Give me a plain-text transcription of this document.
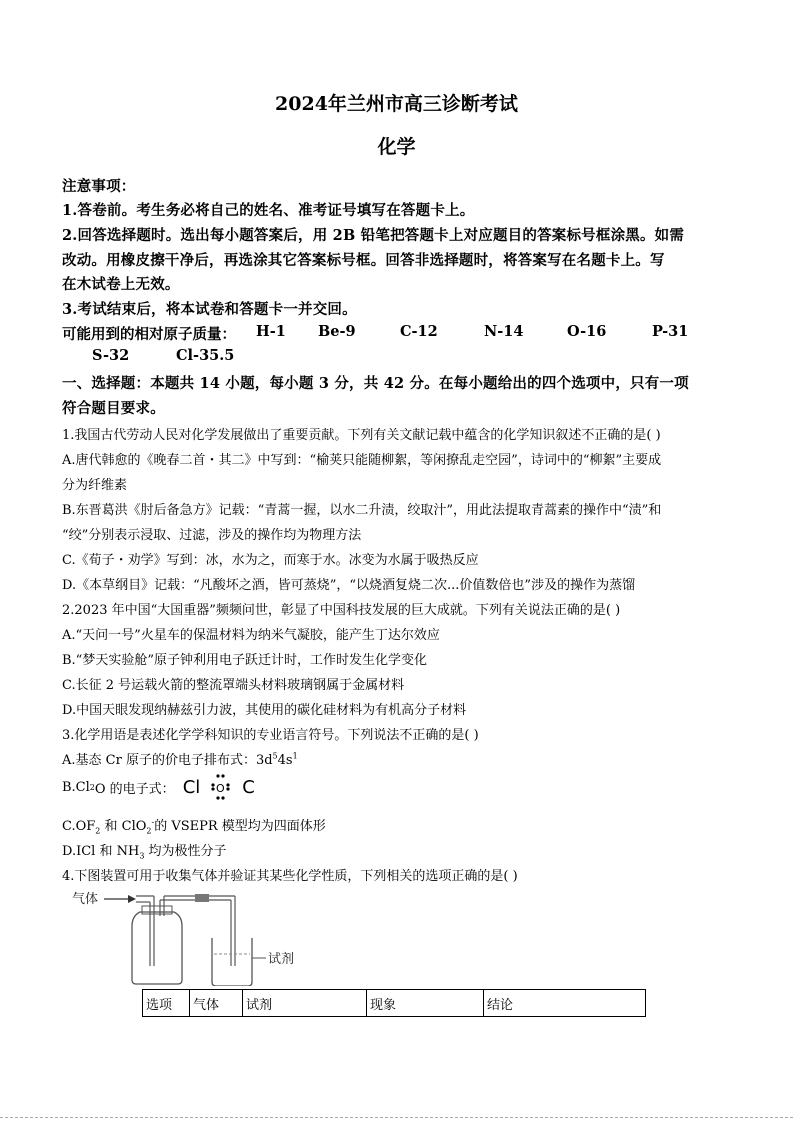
2024年兰州市高三诊断考试
化学
注意事项：
1.答卷前。考生务必将自己的姓名、准考证号填写在答题卡上。
2.回答选择题时。选出每小题答案后，用 2B 铅笔把答题卡上对应题目的答案标号框涂黑。如需
改动。用橡皮擦干净后，再选涂其它答案标号框。回答非选择题时，将答案写在名题卡上。写
在木试卷上无效。
3.考试结束后，将本试卷和答题卡一并交回。
可能用到的相对原子质量： H-1 Be-9	C-12	N-14	O-16	P-31
S-32	Cl-35.5
一、选择题：本题共 14 小题，每小题 3 分，共 42 分。在每小题给出的四个选项中，只有一项
符合题目要求。
1.我国古代劳动人民对化学发展做出了重要贡献。下列有关文献记载中蕴含的化学知识叙述不正确的是( )
A.唐代韩愈的《晚春二首・其二》中写到：“榆荚只能随柳絮，等闲撩乱走空园”，诗词中的“柳絮”主要成
分为纤维素
B.东晋葛洪《肘后备急方》记载：“青蒿一握，以水二升渍，绞取汁”，用此法提取青蒿素的操作中“渍”和
“绞”分别表示浸取、过滤，涉及的操作均为物理方法
C.《荀子・劝学》写到：冰，水为之，而寒于水。冰变为水属于吸热反应
D.《本草纲目》记载：“凡酸坏之酒，皆可蒸烧”，“以烧酒复烧二次...价值数倍也”涉及的操作为蒸馏
2.2023 年中国“大国重器”频频问世，彰显了中国科技发展的巨大成就。下列有关说法正确的是( )
A.“天问一号”火星车的保温材料为纳米气凝胶，能产生丁达尔效应
B.“梦天实验舱”原子钟利用电子跃迁计时，工作时发生化学变化
C.长征 2 号运载火箭的整流罩端头材料玻璃钢属于金属材料
D.中国天眼发现纳赫兹引力波，其使用的碳化硅材料为有机高分子材料
3.化学用语是表述化学学科知识的专业语言符号。下列说法不正确的是( )
A.基态 Cr 原子的价电子排布式：$3d^54s^1$
B.Cl 2 O 的电子式： Cl O C
$C.OF_2$ 和 ClO$_2$-的 VSEPR 模型均为四面体形
D.ICl 和 $NH_3$ 均为极性分子
4.下图装置可用于收集气体并验证其某些化学性质，下列相关的选项正确的是( )
气体
试剂
选项	气体	试剂	现象	结论
